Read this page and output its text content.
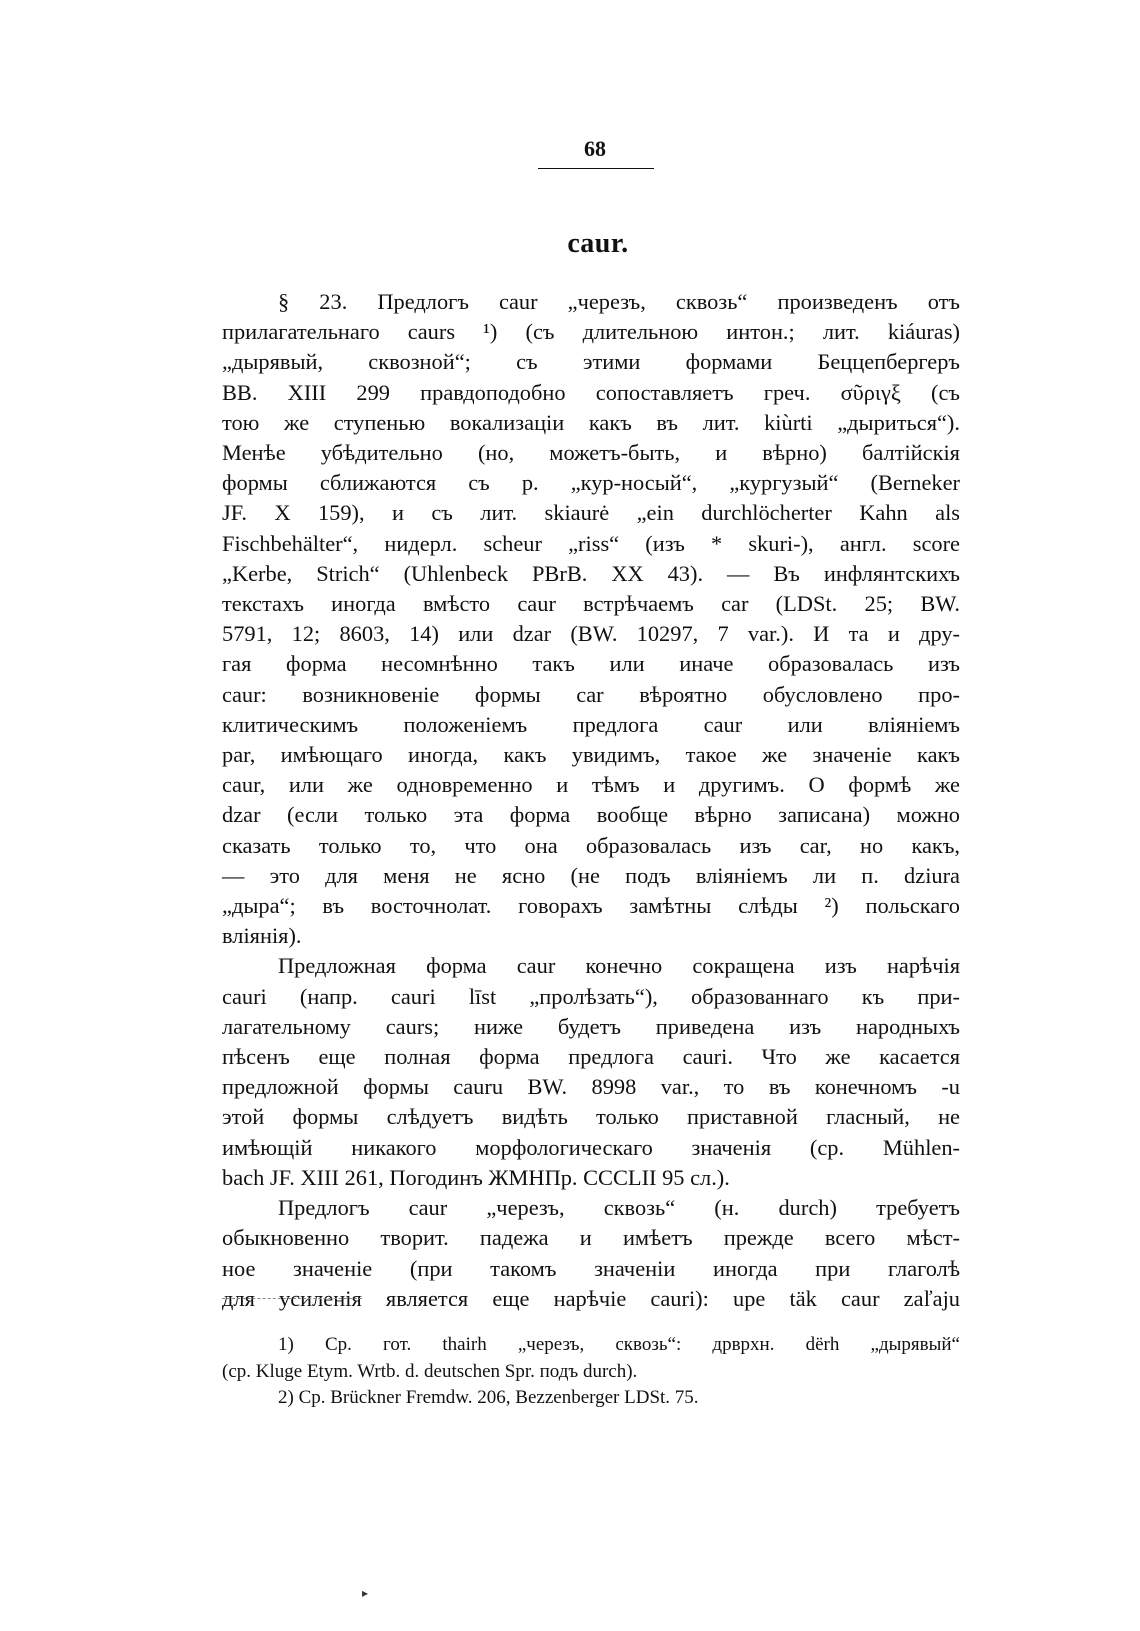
68
caur.
§ 23. Предлогъ caur „черезъ, сквозь“ произведенъ отъ
прилагательнаго caurs ¹) (съ длительною интон.; лит. kiáuras)
„дырявый, сквозной“; съ этими формами Беццепбергеръ
BB. XIII 299 правдоподобно сопоставляетъ греч. σῦριγξ (съ
тою же ступенью вокализаціи какъ въ лит. kiùrti „дыриться“).
Менѣе убѣдительно (но, можетъ-быть, и вѣрно) балтійскія
формы сближаются съ р. „кур-носый“, „кургузый“ (Berneker
JF. X 159), и съ лит. skiaurė „ein durchlöcherter Kahn als
Fischbehälter“, нидерл. scheur „riss“ (изъ * skuri-), англ. score
„Kerbe, Strich“ (Uhlenbeck PBrB. XX 43). — Въ инфлянтскихъ
текстахъ иногда вмѣсто caur встрѣчаемъ car (LDSt. 25; BW.
5791, 12; 8603, 14) или dzar (BW. 10297, 7 var.). И та и дру-
гая форма несомнѣнно такъ или иначе образовалась изъ
caur: возникновеніе формы car вѣроятно обусловлено про-
клитическимъ положеніемъ предлога caur или вліяніемъ
par, имѣющаго иногда, какъ увидимъ, такое же значеніе какъ
caur, или же одновременно и тѣмъ и другимъ. О формѣ же
dzar (если только эта форма вообще вѣрно записана) можно
сказать только то, что она образовалась изъ car, но какъ,
— это для меня не ясно (не подъ вліяніемъ ли п. dziura
„дыра“; въ восточнолат. говорахъ замѣтны слѣды ²) польскаго
вліянія).
Предложная форма caur конечно сокращена изъ нарѣчія
cauri (напр. cauri līst „пролѣзать“), образованнаго къ при-
лагательному caurs; ниже будетъ приведена изъ народныхъ
пѣсенъ еще полная форма предлога cauri. Что же касается
предложной формы cauru BW. 8998 var., то въ конечномъ -u
этой формы слѣдуетъ видѣть только приставной гласный, не
имѣющій никакого морфологическаго значенія (ср. Mühlen-
bach JF. XIII 261, Погодинъ ЖМНПр. CCCLII 95 сл.).
Предлогъ caur „черезъ, сквозь“ (н. durch) требуетъ
обыкновенно творит. падежа и имѣетъ прежде всего мѣст-
ное значеніе (при такомъ значеніи иногда при глаголѣ
для усиленія является еще нарѣчіе cauri): upe täk caur zaľaju
1) Ср. гот. thairh „черезъ, сквозь“: дрврхн. dërh „дырявый“
(ср. Kluge Etym. Wrtb. d. deutschen Spr. подъ durch).
2) Ср. Brückner Fremdw. 206, Bezzenberger LDSt. 75.
▸
